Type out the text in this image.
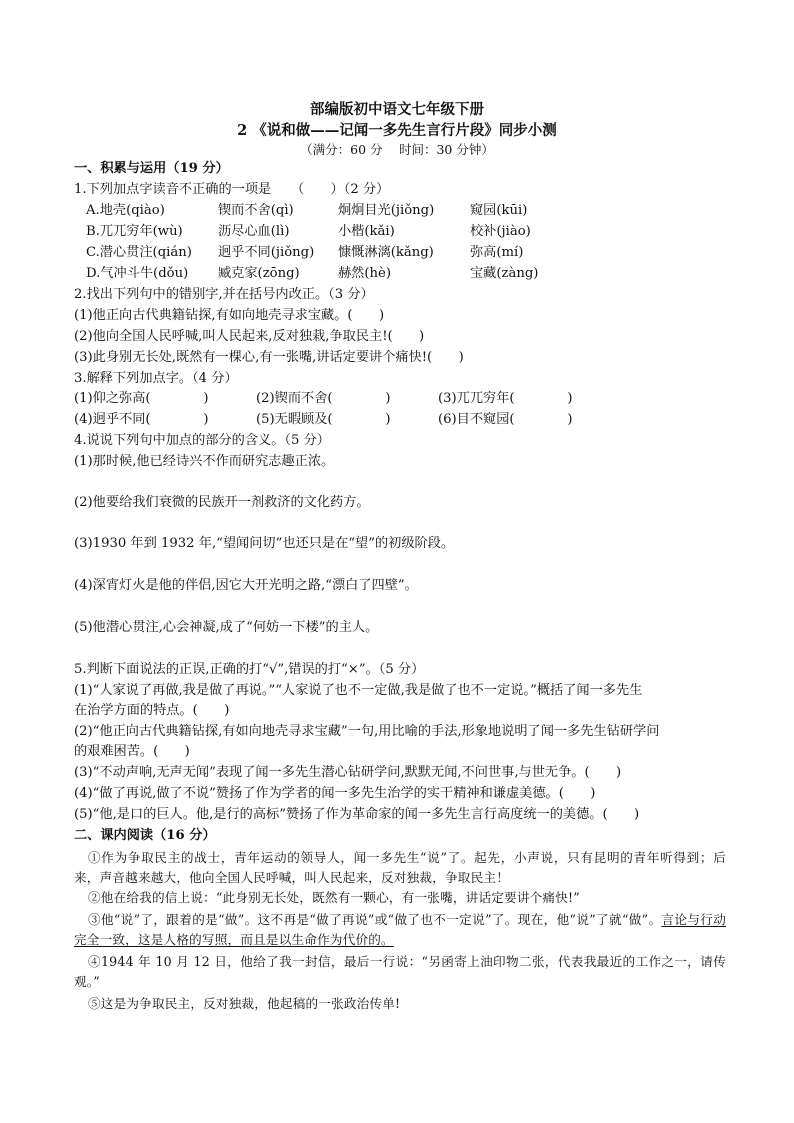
部编版初中语文七年级下册
2 《说和做——记闻一多先生言行片段》同步小测
（满分：60 分　 时间：30 分钟）
一、积累与运用（19 分）
1.下列加点字读音不正确的一项是　　（　　）（2 分）
A.地壳(qiào)	锲而不舍(qì)	炯炯目光(jiǒng)	窥园(kūi)
B.兀兀穷年(wù)	沥尽心血(lì)	小楷(kǎi)	校补(jiào)
C.潜心贯注(qián) 迥乎不同(jiǒng) 慷慨淋漓(kǎng)	弥高(mí)
D.气冲斗牛(dǒu) 臧克家(zōng)	赫然(hè)	宝藏(zàng)
2.找出下列句中的错别字,并在括号内改正。（3 分）
(1)他正向古代典籍钻探,有如向地壳寻求宝藏。(　　)
(2)他向全国人民呼喊,叫人民起来,反对独栽,争取民主!(　　)
(3)此身别无长处,既然有一棵心,有一张嘴,讲话定要讲个痛快!(　　)
3.解释下列加点字。（4 分）
(1)仰之弥高(　　　　)	(2)锲而不舍(　　　　)	(3)兀兀穷年(　　　　)
(4)迥乎不同(　　　　)	(5)无暇顾及(　　　　)	(6)目不窥园(　　　　)
4.说说下列句中加点的部分的含义。（5 分）
(1)那时候,他已经诗兴不作而研究志趣正浓。
(2)他要给我们衰微的民族开一剂救济的文化药方。
(3)1930 年到 1932 年,“望闻问切”也还只是在“望”的初级阶段。
(4)深宵灯火是他的伴侣,因它大开光明之路,“漂白了四壁”。
(5)他潜心贯注,心会神凝,成了“何妨一下楼”的主人。
5.判断下面说法的正误,正确的打“√”,错误的打“×”。（5 分）
(1)“人家说了再做,我是做了再说。”“人家说了也不一定做,我是做了也不一定说。”概括了闻一多先生
在治学方面的特点。(　　)
(2)“他正向古代典籍钻探,有如向地壳寻求宝藏”一句,用比喻的手法,形象地说明了闻一多先生钻研学问
的艰难困苦。(　　)
(3)“不动声响,无声无闻”表现了闻一多先生潜心钻研学问,默默无闻,不问世事,与世无争。(　　)
(4)“做了再说,做了不说”赞扬了作为学者的闻一多先生治学的实干精神和谦虚美德。(　　)
(5)“他,是口的巨人。他,是行的高标”赞扬了作为革命家的闻一多先生言行高度统一的美德。(　　)
二、课内阅读（16 分）
①作为争取民主的战士，青年运动的领导人，闻一多先生“说”了。起先，小声说，只有昆明的青年听得到；后来，声音越来越大，他向全国人民呼喊，叫人民起来，反对独裁，争取民主！
②他在给我的信上说：“此身别无长处，既然有一颗心，有一张嘴，讲话定要讲个痛快!”
③他“说”了，跟着的是“做”。这不再是“做了再说”或“做了也不一定说”了。现在，他“说”了就“做”。言论与行动完全一致，这是人格的写照，而且是以生命作为代价的。
④1944 年 10 月 12 日，他给了我一封信，最后一行说：“另函寄上油印物二张，代表我最近的工作之一，请传观。”
⑤这是为争取民主，反对独裁，他起稿的一张政治传单!
